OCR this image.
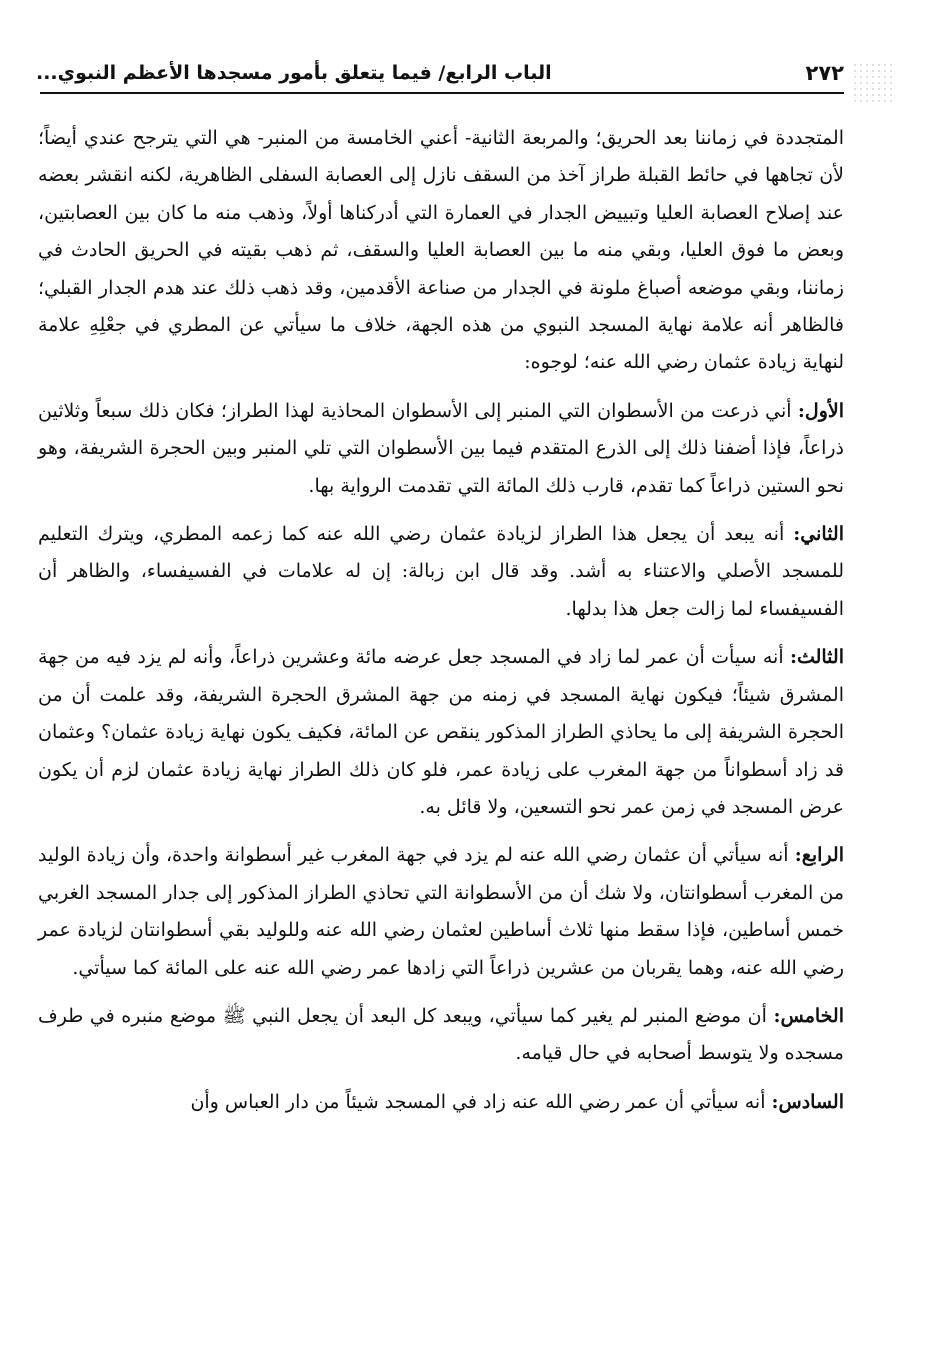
٢٧٢
الباب الرابع/ فيما يتعلق بأمور مسجدها الأعظم النبوي...

المتجددة في زماننا بعد الحريق؛ والمربعة الثانية- أعني الخامسة من المنبر- هي التي يترجح عندي أيضاً؛ لأن تجاهها في حائط القبلة طراز آخذ من السقف نازل إلى العصابة السفلى الظاهرية، لكنه انقشر بعضه عند إصلاح العصابة العليا وتبييض الجدار في العمارة التي أدركناها أولاً، وذهب منه ما كان بين العصابتين، وبعض ما فوق العليا، وبقي منه ما بين العصابة العليا والسقف، ثم ذهب بقيته في الحريق الحادث في زماننا، وبقي موضعه أصباغ ملونة في الجدار من صناعة الأقدمين، وقد ذهب ذلك عند هدم الجدار القبلي؛ فالظاهر أنه علامة نهاية المسجد النبوي من هذه الجهة، خلاف ما سيأتي عن المطري في جعْلِهِ علامة لنهاية زيادة عثمان رضي الله عنه؛ لوجوه:

الأول: أني ذرعت من الأسطوان التي المنبر إلى الأسطوان المحاذية لهذا الطراز؛ فكان ذلك سبعاً وثلاثين ذراعاً، فإذا أضفنا ذلك إلى الذرع المتقدم فيما بين الأسطوان التي تلي المنبر وبين الحجرة الشريفة، وهو نحو الستين ذراعاً كما تقدم، قارب ذلك المائة التي تقدمت الرواية بها.

الثاني: أنه يبعد أن يجعل هذا الطراز لزيادة عثمان رضي الله عنه كما زعمه المطري، ويترك التعليم للمسجد الأصلي والاعتناء به أشد. وقد قال ابن زبالة: إن له علامات في الفسيفساء، والظاهر أن الفسيفساء لما زالت جعل هذا بدلها.

الثالث: أنه سيأت أن عمر لما زاد في المسجد جعل عرضه مائة وعشرين ذراعاً، وأنه لم يزد فيه من جهة المشرق شيئاً؛ فيكون نهاية المسجد في زمنه من جهة المشرق الحجرة الشريفة، وقد علمت أن من الحجرة الشريفة إلى ما يحاذي الطراز المذكور ينقص عن المائة، فكيف يكون نهاية زيادة عثمان؟ وعثمان قد زاد أسطواناً من جهة المغرب على زيادة عمر، فلو كان ذلك الطراز نهاية زيادة عثمان لزم أن يكون عرض المسجد في زمن عمر نحو التسعين، ولا قائل به.

الرابع: أنه سيأتي أن عثمان رضي الله عنه لم يزد في جهة المغرب غير أسطوانة واحدة، وأن زيادة الوليد من المغرب أسطوانتان، ولا شك أن من الأسطوانة التي تحاذي الطراز المذكور إلى جدار المسجد الغربي خمس أساطين، فإذا سقط منها ثلاث أساطين لعثمان رضي الله عنه وللوليد بقي أسطوانتان لزيادة عمر رضي الله عنه، وهما يقربان من عشرين ذراعاً التي زادها عمر رضي الله عنه على المائة كما سيأتي.

الخامس: أن موضع المنبر لم يغير كما سيأتي، ويبعد كل البعد أن يجعل النبي ﷺ موضع منبره في طرف مسجده ولا يتوسط أصحابه في حال قيامه.

السادس: أنه سيأتي أن عمر رضي الله عنه زاد في المسجد شيئاً من دار العباس وأن
